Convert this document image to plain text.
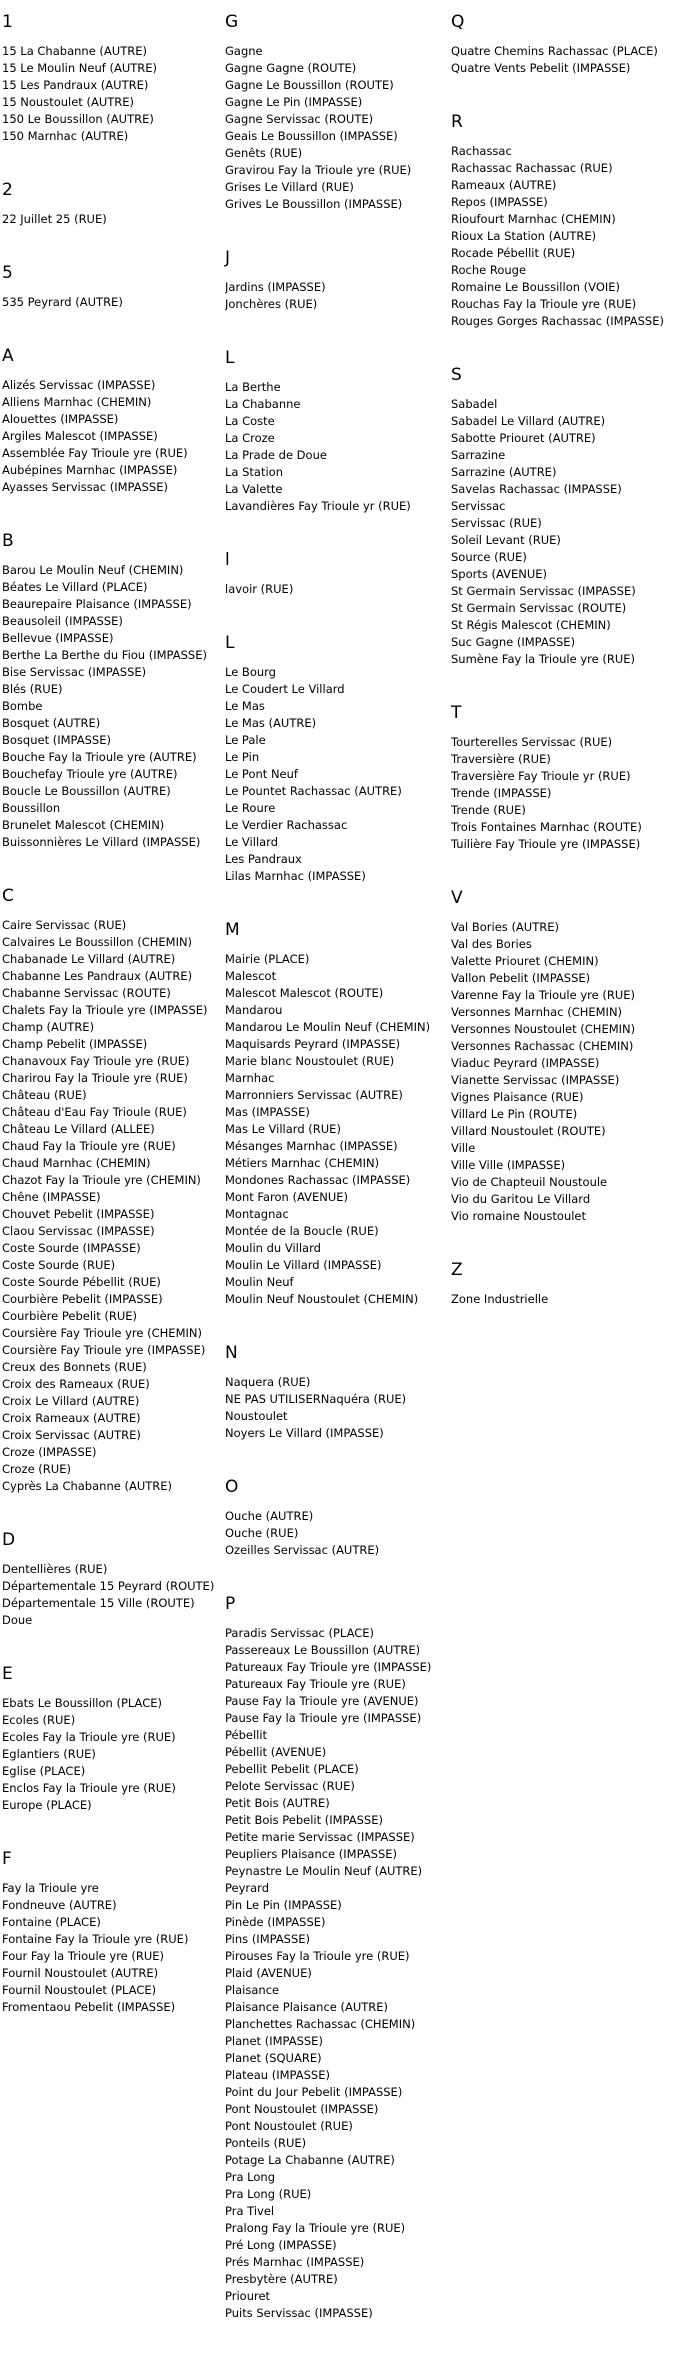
1
15 La Chabanne (AUTRE)
15 Le Moulin Neuf (AUTRE)
15 Les Pandraux (AUTRE)
15 Noustoulet (AUTRE)
150 Le Boussillon (AUTRE)
150 Marnhac (AUTRE)
2
22 Juillet 25 (RUE)
5
535 Peyrard (AUTRE)
A
Alizés Servissac (IMPASSE)
Alliens Marnhac (CHEMIN)
Alouettes (IMPASSE)
Argiles Malescot (IMPASSE)
Assemblée Fay Trioule yre (RUE)
Aubépines Marnhac (IMPASSE)
Ayasses Servissac (IMPASSE)
B
Barou Le Moulin Neuf (CHEMIN)
Béates Le Villard (PLACE)
Beaurepaire Plaisance (IMPASSE)
Beausoleil (IMPASSE)
Bellevue (IMPASSE)
Berthe La Berthe du Fiou (IMPASSE)
Bise Servissac (IMPASSE)
Blés (RUE)
Bombe
Bosquet (AUTRE)
Bosquet (IMPASSE)
Bouche Fay la Trioule yre (AUTRE)
Bouchefay Trioule yre (AUTRE)
Boucle Le Boussillon (AUTRE)
Boussillon
Brunelet Malescot (CHEMIN)
Buissonnières Le Villard (IMPASSE)
C
Caire Servissac (RUE)
Calvaires Le Boussillon (CHEMIN)
Chabanade Le Villard (AUTRE)
Chabanne Les Pandraux (AUTRE)
Chabanne Servissac (ROUTE)
Chalets Fay la Trioule yre (IMPASSE)
Champ (AUTRE)
Champ Pebelit (IMPASSE)
Chanavoux Fay Trioule yre (RUE)
Charirou Fay la Trioule yre (RUE)
Château (RUE)
Château d'Eau Fay Trioule (RUE)
Château Le Villard (ALLEE)
Chaud Fay la Trioule yre (RUE)
Chaud Marnhac (CHEMIN)
Chazot Fay la Trioule yre (CHEMIN)
Chêne (IMPASSE)
Chouvet Pebelit (IMPASSE)
Claou Servissac (IMPASSE)
Coste Sourde (IMPASSE)
Coste Sourde (RUE)
Coste Sourde Pébellit (RUE)
Courbière Pebelit (IMPASSE)
Courbière Pebelit (RUE)
Coursière Fay Trioule yre (CHEMIN)
Coursière Fay Trioule yre (IMPASSE)
Creux des Bonnets (RUE)
Croix des Rameaux (RUE)
Croix Le Villard (AUTRE)
Croix Rameaux (AUTRE)
Croix Servissac (AUTRE)
Croze (IMPASSE)
Croze (RUE)
Cyprès La Chabanne (AUTRE)
D
Dentellières (RUE)
Départementale 15 Peyrard (ROUTE)
Départementale 15 Ville (ROUTE)
Doue
E
Ebats Le Boussillon (PLACE)
Ecoles (RUE)
Ecoles Fay la Trioule yre (RUE)
Eglantiers (RUE)
Eglise (PLACE)
Enclos Fay la Trioule yre (RUE)
Europe (PLACE)
F
Fay la Trioule yre
Fondneuve (AUTRE)
Fontaine (PLACE)
Fontaine Fay la Trioule yre (RUE)
Four Fay la Trioule yre (RUE)
Fournil Noustoulet (AUTRE)
Fournil Noustoulet (PLACE)
Fromentaou Pebelit (IMPASSE)
G
Gagne
Gagne Gagne (ROUTE)
Gagne Le Boussillon (ROUTE)
Gagne Le Pin (IMPASSE)
Gagne Servissac (ROUTE)
Geais Le Boussillon (IMPASSE)
Genêts (RUE)
Gravirou Fay la Trioule yre (RUE)
Grises Le Villard (RUE)
Grives Le Boussillon (IMPASSE)
J
Jardins (IMPASSE)
Jonchères (RUE)
L
La Berthe
La Chabanne
La Coste
La Croze
La Prade de Doue
La Station
La Valette
Lavandières Fay Trioule yr (RUE)
l
lavoir (RUE)
L
Le Bourg
Le Coudert Le Villard
Le Mas
Le Mas (AUTRE)
Le Pale
Le Pin
Le Pont Neuf
Le Pountet Rachassac (AUTRE)
Le Roure
Le Verdier Rachassac
Le Villard
Les Pandraux
Lilas Marnhac (IMPASSE)
M
Mairie (PLACE)
Malescot
Malescot Malescot (ROUTE)
Mandarou
Mandarou Le Moulin Neuf (CHEMIN)
Maquisards Peyrard (IMPASSE)
Marie blanc Noustoulet (RUE)
Marnhac
Marronniers Servissac (AUTRE)
Mas (IMPASSE)
Mas Le Villard (RUE)
Mésanges Marnhac (IMPASSE)
Métiers Marnhac (CHEMIN)
Mondones Rachassac (IMPASSE)
Mont Faron (AVENUE)
Montagnac
Montée de la Boucle (RUE)
Moulin du Villard
Moulin Le Villard (IMPASSE)
Moulin Neuf
Moulin Neuf Noustoulet (CHEMIN)
N
Naquera (RUE)
NE PAS UTILISERNaquéra (RUE)
Noustoulet
Noyers Le Villard (IMPASSE)
O
Ouche (AUTRE)
Ouche (RUE)
Ozeilles Servissac (AUTRE)
P
Paradis Servissac (PLACE)
Passereaux Le Boussillon (AUTRE)
Patureaux Fay Trioule yre (IMPASSE)
Patureaux Fay Trioule yre (RUE)
Pause Fay la Trioule yre (AVENUE)
Pause Fay la Trioule yre (IMPASSE)
Pébellit
Pébellit (AVENUE)
Pebellit Pebelit (PLACE)
Pelote Servissac (RUE)
Petit Bois (AUTRE)
Petit Bois Pebelit (IMPASSE)
Petite marie Servissac (IMPASSE)
Peupliers Plaisance (IMPASSE)
Peynastre Le Moulin Neuf (AUTRE)
Peyrard
Pin Le Pin (IMPASSE)
Pinède (IMPASSE)
Pins (IMPASSE)
Pirouses Fay la Trioule yre (RUE)
Plaid (AVENUE)
Plaisance
Plaisance Plaisance (AUTRE)
Planchettes Rachassac (CHEMIN)
Planet (IMPASSE)
Planet (SQUARE)
Plateau (IMPASSE)
Point du Jour Pebelit (IMPASSE)
Pont Noustoulet (IMPASSE)
Pont Noustoulet (RUE)
Ponteils (RUE)
Potage La Chabanne (AUTRE)
Pra Long
Pra Long (RUE)
Pra Tivel
Pralong Fay la Trioule yre (RUE)
Pré Long (IMPASSE)
Prés Marnhac (IMPASSE)
Presbytère (AUTRE)
Priouret
Puits Servissac (IMPASSE)
Q
Quatre Chemins Rachassac (PLACE)
Quatre Vents Pebelit (IMPASSE)
R
Rachassac
Rachassac Rachassac (RUE)
Rameaux (AUTRE)
Repos (IMPASSE)
Rioufourt Marnhac (CHEMIN)
Rioux La Station (AUTRE)
Rocade Pébellit (RUE)
Roche Rouge
Romaine Le Boussillon (VOIE)
Rouchas Fay la Trioule yre (RUE)
Rouges Gorges Rachassac (IMPASSE)
S
Sabadel
Sabadel Le Villard (AUTRE)
Sabotte Priouret (AUTRE)
Sarrazine
Sarrazine (AUTRE)
Savelas Rachassac (IMPASSE)
Servissac
Servissac (RUE)
Soleil Levant (RUE)
Source (RUE)
Sports (AVENUE)
St Germain Servissac (IMPASSE)
St Germain Servissac (ROUTE)
St Régis Malescot (CHEMIN)
Suc Gagne (IMPASSE)
Sumène Fay la Trioule yre (RUE)
T
Tourterelles Servissac (RUE)
Traversière (RUE)
Traversière Fay Trioule yr (RUE)
Trende (IMPASSE)
Trende (RUE)
Trois Fontaines Marnhac (ROUTE)
Tuilière Fay Trioule yre (IMPASSE)
V
Val Bories (AUTRE)
Val des Bories
Valette Priouret (CHEMIN)
Vallon Pebelit (IMPASSE)
Varenne Fay la Trioule yre (RUE)
Versonnes Marnhac (CHEMIN)
Versonnes Noustoulet (CHEMIN)
Versonnes Rachassac (CHEMIN)
Viaduc Peyrard (IMPASSE)
Vianette Servissac (IMPASSE)
Vignes Plaisance (RUE)
Villard Le Pin (ROUTE)
Villard Noustoulet (ROUTE)
Ville
Ville Ville (IMPASSE)
Vio de Chapteuil Noustoule
Vio du Garitou Le Villard
Vio romaine Noustoulet
Z
Zone Industrielle
